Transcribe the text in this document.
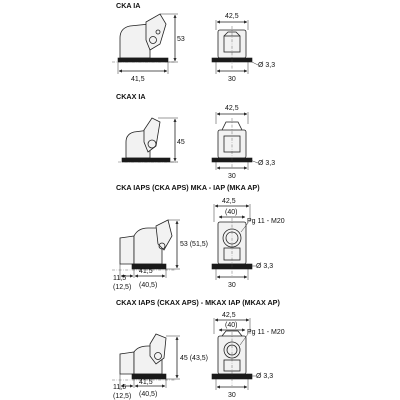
CKA IA
53
41,5
42,5
30
Ø 3,3
CKAX IA
45
42,5
30
Ø 3,3
CKA IAPS (CKA APS) MKA - IAP (MKA AP)
53 (51,5)
41,5
(40,5)
11,5
(12,5)
42,5
(40)
Pg 11 - M20
Ø 3,3
30
CKAX IAPS (CKAX APS) - MKAX IAP (MKAX AP)
45 (43,5)
41,5
(40,5)
11,5
(12,5)
42,5
(40)
Pg 11 - M20
Ø 3,3
30
